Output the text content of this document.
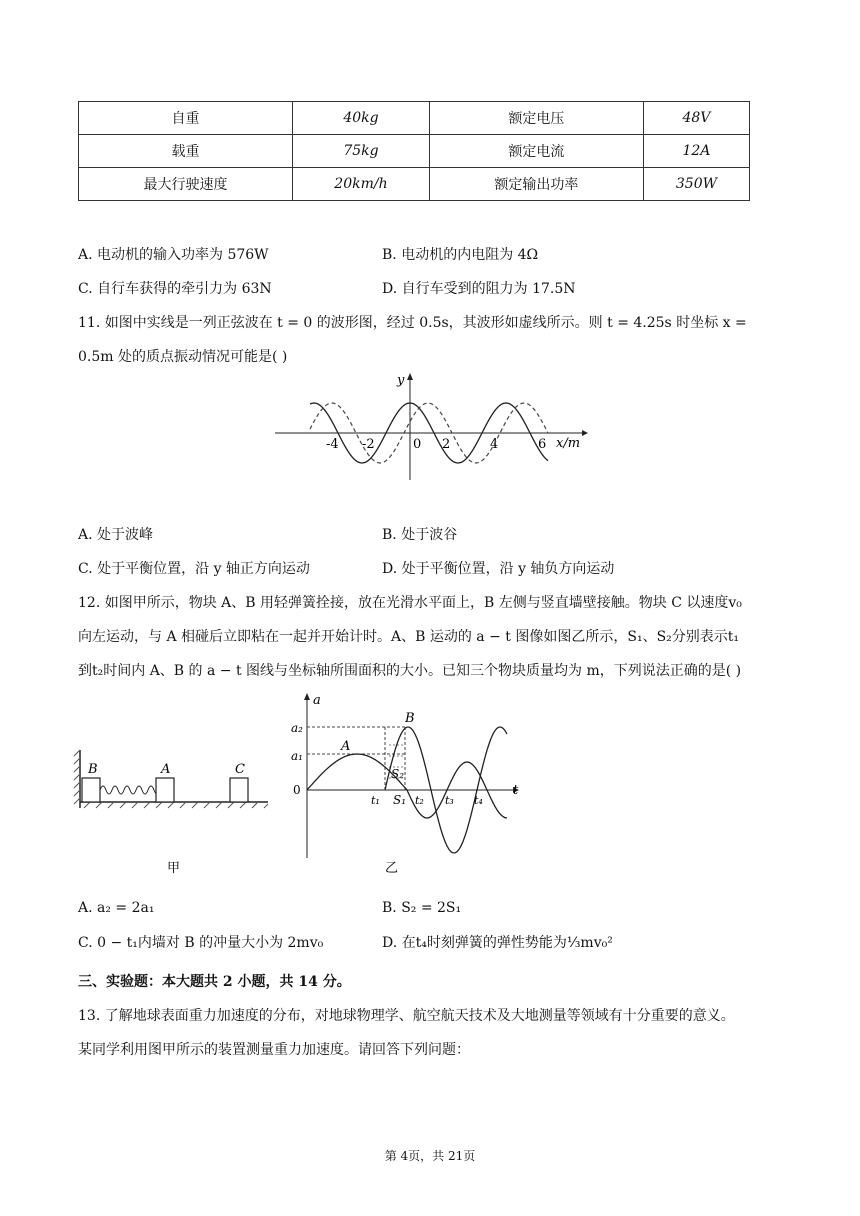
自重	40kg	额定电压	48V
载重	75kg	额定电流	12A
最大行驶速度	20km/h	额定输出功率	350W
A. 电动机的输入功率为 576W	B. 电动机的内电阻为 4Ω
C. 自行车获得的牵引力为 63N	D. 自行车受到的阻力为 17.5N
11. 如图中实线是一列正弦波在 t = 0 的波形图，经过 0.5s，其波形如虚线所示。则 t = 4.25s 时坐标 x =
0.5m 处的质点振动情况可能是( )
y
x/m
-4 -2	0 2	4	6
A. 处于波峰	B. 处于波谷
C. 处于平衡位置，沿 y 轴正方向运动	D. 处于平衡位置，沿 y 轴负方向运动
12. 如图甲所示，物块 A、B 用轻弹簧拴接，放在光滑水平面上，B 左侧与竖直墙壁接触。物块 C 以速度v₀
向左运动，与 A 相碰后立即粘在一起并开始计时。A、B 运动的 a − t 图像如图乙所示，S₁、S₂分别表示t₁
到t₂时间内 A、B 的 a − t 图线与坐标轴所围面积的大小。已知三个物块质量均为 m，下列说法正确的是( )
B	A	C
甲
a
t
a₂
a₁
0
A
B
S₂
S₁
t₁	t₂ t₃ t₄
乙
A. a₂ = 2a₁	B. S₂ = 2S₁
C. 0 − t₁内墙对 B 的冲量大小为 2mv₀	D. 在t₄时刻弹簧的弹性势能为⅓mv₀²
三、实验题：本大题共 2 小题，共 14 分。
13. 了解地球表面重力加速度的分布，对地球物理学、航空航天技术及大地测量等领域有十分重要的意义。
某同学利用图甲所示的装置测量重力加速度。请回答下列问题：
第 4页，共 21页
